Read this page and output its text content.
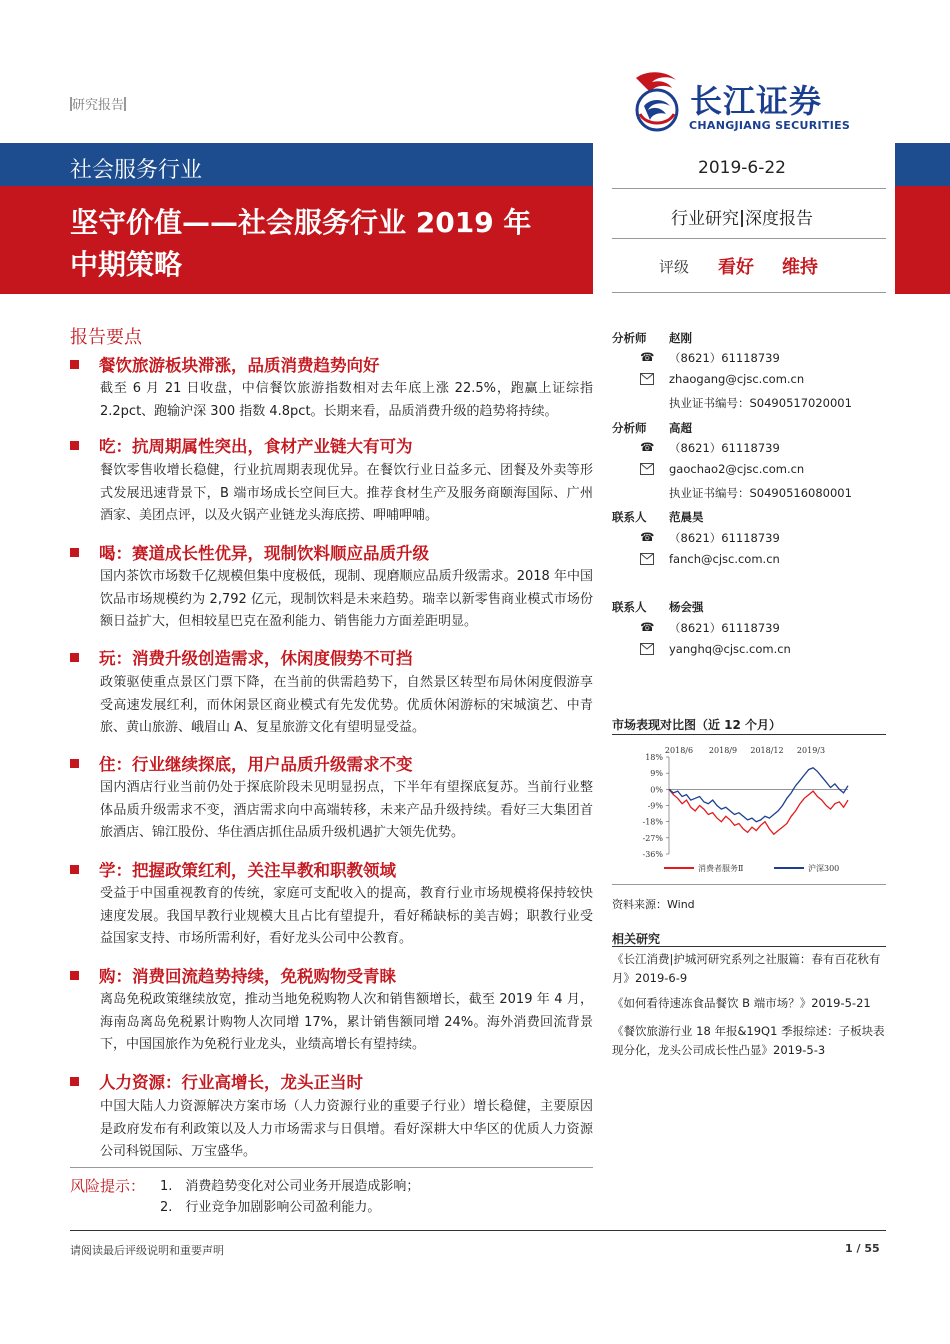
研究报告	长江证券
CHANGJIANG SECURITIES
社会服务行业
坚守价值——社会服务行业 2019 年
中期策略
2019-6-22
行业研究 深度报告
评级 看好 维持
报告要点
餐饮旅游板块滞涨，品质消费趋势向好
截至 6 月 21 日收盘，中信餐饮旅游指数相对去年底上涨 22.5%，跑赢上证综指 2.2pct、跑输沪深 300 指数 4.8pct。长期来看，品质消费升级的趋势将持续。
吃：抗周期属性突出，食材产业链大有可为
餐饮零售收增长稳健，行业抗周期表现优异。在餐饮行业日益多元、团餐及外卖等形式发展迅速背景下，B 端市场成长空间巨大。推荐食材生产及服务商颐海国际、广州酒家、美团点评，以及火锅产业链龙头海底捞、呷哺呷哺。
喝：赛道成长性优异，现制饮料顺应品质升级
国内茶饮市场数千亿规模但集中度极低，现制、现磨顺应品质升级需求。2018 年中国饮品市场规模约为 2,792 亿元，现制饮料是未来趋势。瑞幸以新零售商业模式市场份额日益扩大，但相较星巴克在盈利能力、销售能力方面差距明显。
玩：消费升级创造需求，休闲度假势不可挡
政策驱使重点景区门票下降，在当前的供需趋势下，自然景区转型布局休闲度假游享受高速发展红利，而休闲景区商业模式有先发优势。优质休闲游标的宋城演艺、中青旅、黄山旅游、峨眉山 A、复星旅游文化有望明显受益。
住：行业继续探底，用户品质升级需求不变
国内酒店行业当前仍处于探底阶段未见明显拐点，下半年有望探底复苏。当前行业整体品质升级需求不变，酒店需求向中高端转移，未来产品升级持续。看好三大集团首旅酒店、锦江股份、华住酒店抓住品质升级机遇扩大领先优势。
学：把握政策红利，关注早教和职教领域
受益于中国重视教育的传统，家庭可支配收入的提高，教育行业市场规模将保持较快速度发展。我国早教行业规模大且占比有望提升，看好稀缺标的美吉姆；职教行业受益国家支持、市场所需利好，看好龙头公司中公教育。
购：消费回流趋势持续，免税购物受青睐
离岛免税政策继续放宽，推动当地免税购物人次和销售额增长，截至 2019 年 4 月，海南岛离岛免税累计购物人次同增 17%，累计销售额同增 24%。海外消费回流背景下，中国国旅作为免税行业龙头，业绩高增长有望持续。
人力资源：行业高增长，龙头正当时
中国大陆人力资源解决方案市场（人力资源行业的重要子行业）增长稳健，主要原因是政府发布有利政策以及人力市场需求与日俱增。看好深耕大中华区的优质人力资源公司科锐国际、万宝盛华。
风险提示： 1.　消费趋势变化对公司业务开展造成影响；
2.　行业竞争加剧影响公司盈利能力。
分析师 赵刚
☎ （8621）61118739
zhaogang@cjsc.com.cn
执业证书编号：S0490517020001
分析师 高超
☎ （8621）61118739
gaochao2@cjsc.com.cn
执业证书编号：S0490516080001
联系人 范晨昊
☎ （8621）61118739
fanch@cjsc.com.cn
联系人 杨会强
☎ （8621）61118739
yanghq@cjsc.com.cn
市场表现对比图（近 12 个月）
18%
9%
0%
-9%
-18%
-27%
-36%
2018/6 2018/9 2018/12 2019/3
消费者服务Ⅱ	沪深300
资料来源：Wind
相关研究
《长江消费|护城河研究系列之社服篇：春有百花秋有月》2019-6-9
《如何看待速冻食品餐饮 B 端市场？》2019-5-21
《餐饮旅游行业 18 年报&19Q1 季报综述：子板块表现分化，龙头公司成长性凸显》2019-5-3
请阅读最后评级说明和重要声明	1 / 55
